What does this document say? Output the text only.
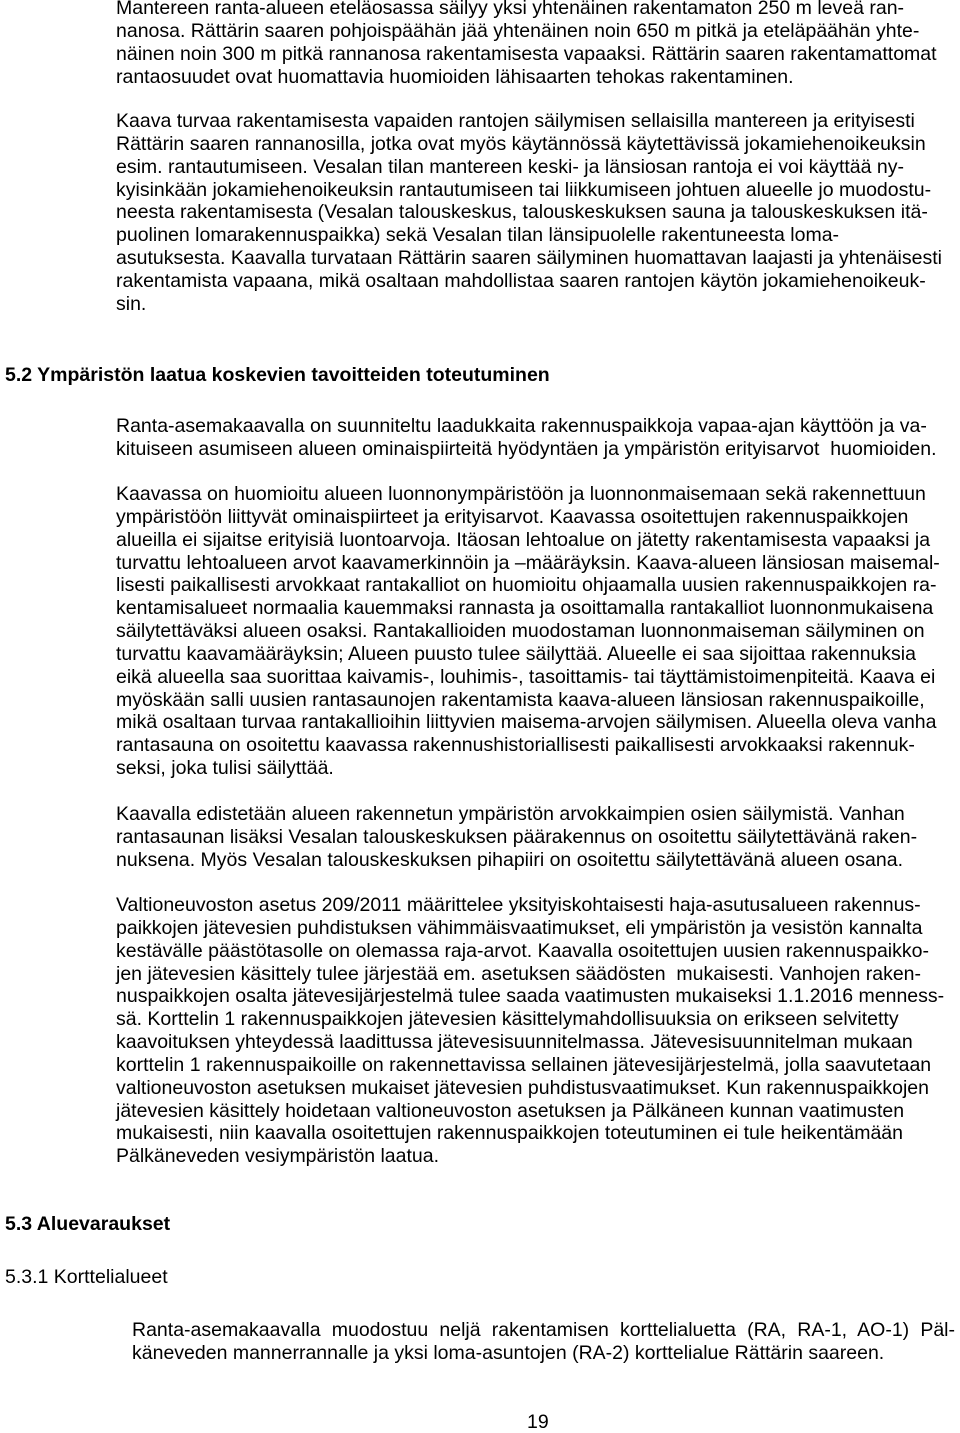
Mantereen ranta-alueen eteläosassa säilyy yksi yhtenäinen rakentamaton 250 m leveä ran-
nanosa. Rättärin saaren pohjoispäähän jää yhtenäinen noin 650 m pitkä ja eteläpäähän yhte-
näinen noin 300 m pitkä rannanosa rakentamisesta vapaaksi. Rättärin saaren rakentamattomat
rantaosuudet ovat huomattavia huomioiden lähisaarten tehokas rakentaminen.
Kaava turvaa rakentamisesta vapaiden rantojen säilymisen sellaisilla mantereen ja erityisesti
Rättärin saaren rannanosilla, jotka ovat myös käytännössä käytettävissä jokamiehenoikeuksin
esim. rantautumiseen. Vesalan tilan mantereen keski- ja länsiosan rantoja ei voi käyttää ny-
kyisinkään jokamiehenoikeuksin rantautumiseen tai liikkumiseen johtuen alueelle jo muodostu-
neesta rakentamisesta (Vesalan talouskeskus, talouskeskuksen sauna ja talouskeskuksen itä-
puolinen lomarakennuspaikka) sekä Vesalan tilan länsipuolelle rakentuneesta loma-
asutuksesta. Kaavalla turvataan Rättärin saaren säilyminen huomattavan laajasti ja yhtenäisesti
rakentamista vapaana, mikä osaltaan mahdollistaa saaren rantojen käytön jokamiehenoikeuk-
sin.
5.2 Ympäristön laatua koskevien tavoitteiden toteutuminen
Ranta-asemakaavalla on suunniteltu laadukkaita rakennuspaikkoja vapaa-ajan käyttöön ja va-
kituiseen asumiseen alueen ominaispiirteitä hyödyntäen ja ympäristön erityisarvot  huomioiden.
Kaavassa on huomioitu alueen luonnonympäristöön ja luonnonmaisemaan sekä rakennettuun
ympäristöön liittyvät ominaispiirteet ja erityisarvot. Kaavassa osoitettujen rakennuspaikkojen
alueilla ei sijaitse erityisiä luontoarvoja. Itäosan lehtoalue on jätetty rakentamisesta vapaaksi ja
turvattu lehtoalueen arvot kaavamerkinnöin ja –määräyksin. Kaava-alueen länsiosan maisemal-
lisesti paikallisesti arvokkaat rantakalliot on huomioitu ohjaamalla uusien rakennuspaikkojen ra-
kentamisalueet normaalia kauemmaksi rannasta ja osoittamalla rantakalliot luonnonmukaisena
säilytettäväksi alueen osaksi. Rantakallioiden muodostaman luonnonmaiseman säilyminen on
turvattu kaavamääräyksin; Alueen puusto tulee säilyttää. Alueelle ei saa sijoittaa rakennuksia
eikä alueella saa suorittaa kaivamis-, louhimis-, tasoittamis- tai täyttämistoimenpiteitä. Kaava ei
myöskään salli uusien rantasaunojen rakentamista kaava-alueen länsiosan rakennuspaikoille,
mikä osaltaan turvaa rantakallioihin liittyvien maisema-arvojen säilymisen. Alueella oleva vanha
rantasauna on osoitettu kaavassa rakennushistoriallisesti paikallisesti arvokkaaksi rakennuk-
seksi, joka tulisi säilyttää.
Kaavalla edistetään alueen rakennetun ympäristön arvokkaimpien osien säilymistä. Vanhan
rantasaunan lisäksi Vesalan talouskeskuksen päärakennus on osoitettu säilytettävänä raken-
nuksena. Myös Vesalan talouskeskuksen pihapiiri on osoitettu säilytettävänä alueen osana.
Valtioneuvoston asetus 209/2011 määrittelee yksityiskohtaisesti haja-asutusalueen rakennus-
paikkojen jätevesien puhdistuksen vähimmäisvaatimukset, eli ympäristön ja vesistön kannalta
kestävälle päästötasolle on olemassa raja-arvot. Kaavalla osoitettujen uusien rakennuspaikko-
jen jätevesien käsittely tulee järjestää em. asetuksen säädösten  mukaisesti. Vanhojen raken-
nuspaikkojen osalta jätevesijärjestelmä tulee saada vaatimusten mukaiseksi 1.1.2016 menness-
sä. Korttelin 1 rakennuspaikkojen jätevesien käsittelymahdollisuuksia on erikseen selvitetty
kaavoituksen yhteydessä laadittussa jätevesisuunnitelmassa. Jätevesisuunnitelman mukaan
korttelin 1 rakennuspaikoille on rakennettavissa sellainen jätevesijärjestelmä, jolla saavutetaan
valtioneuvoston asetuksen mukaiset jätevesien puhdistusvaatimukset. Kun rakennuspaikkojen
jätevesien käsittely hoidetaan valtioneuvoston asetuksen ja Pälkäneen kunnan vaatimusten
mukaisesti, niin kaavalla osoitettujen rakennuspaikkojen toteutuminen ei tule heikentämään
Pälkäneveden vesiympäristön laatua.
5.3 Aluevaraukset
5.3.1 Korttelialueet
Ranta-asemakaavalla muodostuu neljä rakentamisen korttelialuetta (RA, RA-1, AO-1) Päl-
käneveden mannerrannalle ja yksi loma-asuntojen (RA-2) korttelialue Rättärin saareen.
19
